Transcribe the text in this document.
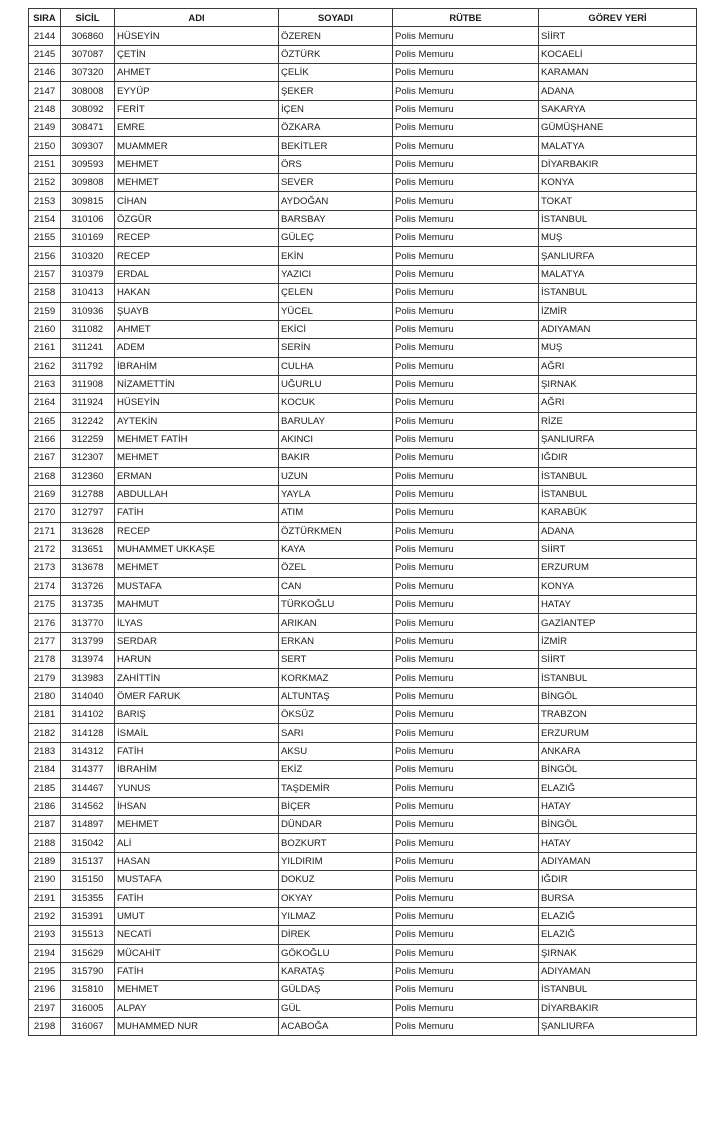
SIRA	SİCİL	ADI	SOYADI	RÜTBE	GÖREV YERİ
2144	306860	HÜSEYİN	ÖZEREN	Polis Memuru	SİİRT
2145	307087	ÇETİN	ÖZTÜRK	Polis Memuru	KOCAELİ
2146	307320	AHMET	ÇELİK	Polis Memuru	KARAMAN
2147	308008	EYYÜP	ŞEKER	Polis Memuru	ADANA
2148	308092	FERİT	İÇEN	Polis Memuru	SAKARYA
2149	308471	EMRE	ÖZKARA	Polis Memuru	GÜMÜŞHANE
2150	309307	MUAMMER	BEKİTLER	Polis Memuru	MALATYA
2151	309593	MEHMET	ÖRS	Polis Memuru	DİYARBAKIR
2152	309808	MEHMET	SEVER	Polis Memuru	KONYA
2153	309815	CİHAN	AYDOĞAN	Polis Memuru	TOKAT
2154	310106	ÖZGÜR	BARSBAY	Polis Memuru	İSTANBUL
2155	310169	RECEP	GÜLEÇ	Polis Memuru	MUŞ
2156	310320	RECEP	EKİN	Polis Memuru	ŞANLIURFA
2157	310379	ERDAL	YAZICI	Polis Memuru	MALATYA
2158	310413	HAKAN	ÇELEN	Polis Memuru	İSTANBUL
2159	310936	ŞUAYB	YÜCEL	Polis Memuru	İZMİR
2160	311082	AHMET	EKİCİ	Polis Memuru	ADIYAMAN
2161	311241	ADEM	SERİN	Polis Memuru	MUŞ
2162	311792	İBRAHİM	CULHA	Polis Memuru	AĞRI
2163	311908	NİZAMETTİN	UĞURLU	Polis Memuru	ŞIRNAK
2164	311924	HÜSEYİN	KOCUK	Polis Memuru	AĞRI
2165	312242	AYTEKİN	BARULAY	Polis Memuru	RİZE
2166	312259	MEHMET FATİH	AKINCI	Polis Memuru	ŞANLIURFA
2167	312307	MEHMET	BAKIR	Polis Memuru	IĞDIR
2168	312360	ERMAN	UZUN	Polis Memuru	İSTANBUL
2169	312788	ABDULLAH	YAYLA	Polis Memuru	İSTANBUL
2170	312797	FATİH	ATIM	Polis Memuru	KARABÜK
2171	313628	RECEP	ÖZTÜRKMEN	Polis Memuru	ADANA
2172	313651	MUHAMMET UKKAŞE	KAYA	Polis Memuru	SİİRT
2173	313678	MEHMET	ÖZEL	Polis Memuru	ERZURUM
2174	313726	MUSTAFA	CAN	Polis Memuru	KONYA
2175	313735	MAHMUT	TÜRKOĞLU	Polis Memuru	HATAY
2176	313770	İLYAS	ARIKAN	Polis Memuru	GAZİANTEP
2177	313799	SERDAR	ERKAN	Polis Memuru	İZMİR
2178	313974	HARUN	SERT	Polis Memuru	SİİRT
2179	313983	ZAHİTTİN	KORKMAZ	Polis Memuru	İSTANBUL
2180	314040	ÖMER FARUK	ALTUNTAŞ	Polis Memuru	BİNGÖL
2181	314102	BARIŞ	ÖKSÜZ	Polis Memuru	TRABZON
2182	314128	İSMAİL	SARI	Polis Memuru	ERZURUM
2183	314312	FATİH	AKSU	Polis Memuru	ANKARA
2184	314377	İBRAHİM	EKİZ	Polis Memuru	BİNGÖL
2185	314467	YUNUS	TAŞDEMİR	Polis Memuru	ELAZIĞ
2186	314562	İHSAN	BİÇER	Polis Memuru	HATAY
2187	314897	MEHMET	DÜNDAR	Polis Memuru	BİNGÖL
2188	315042	ALİ	BOZKURT	Polis Memuru	HATAY
2189	315137	HASAN	YILDIRIM	Polis Memuru	ADIYAMAN
2190	315150	MUSTAFA	DOKUZ	Polis Memuru	IĞDIR
2191	315355	FATİH	OKYAY	Polis Memuru	BURSA
2192	315391	UMUT	YILMAZ	Polis Memuru	ELAZIĞ
2193	315513	NECATİ	DİREK	Polis Memuru	ELAZIĞ
2194	315629	MÜCAHİT	GÖKOĞLU	Polis Memuru	ŞIRNAK
2195	315790	FATİH	KARATAŞ	Polis Memuru	ADIYAMAN
2196	315810	MEHMET	GÜLDAŞ	Polis Memuru	İSTANBUL
2197	316005	ALPAY	GÜL	Polis Memuru	DİYARBAKIR
2198	316067	MUHAMMED NUR	ACABOĞA	Polis Memuru	ŞANLIURFA
